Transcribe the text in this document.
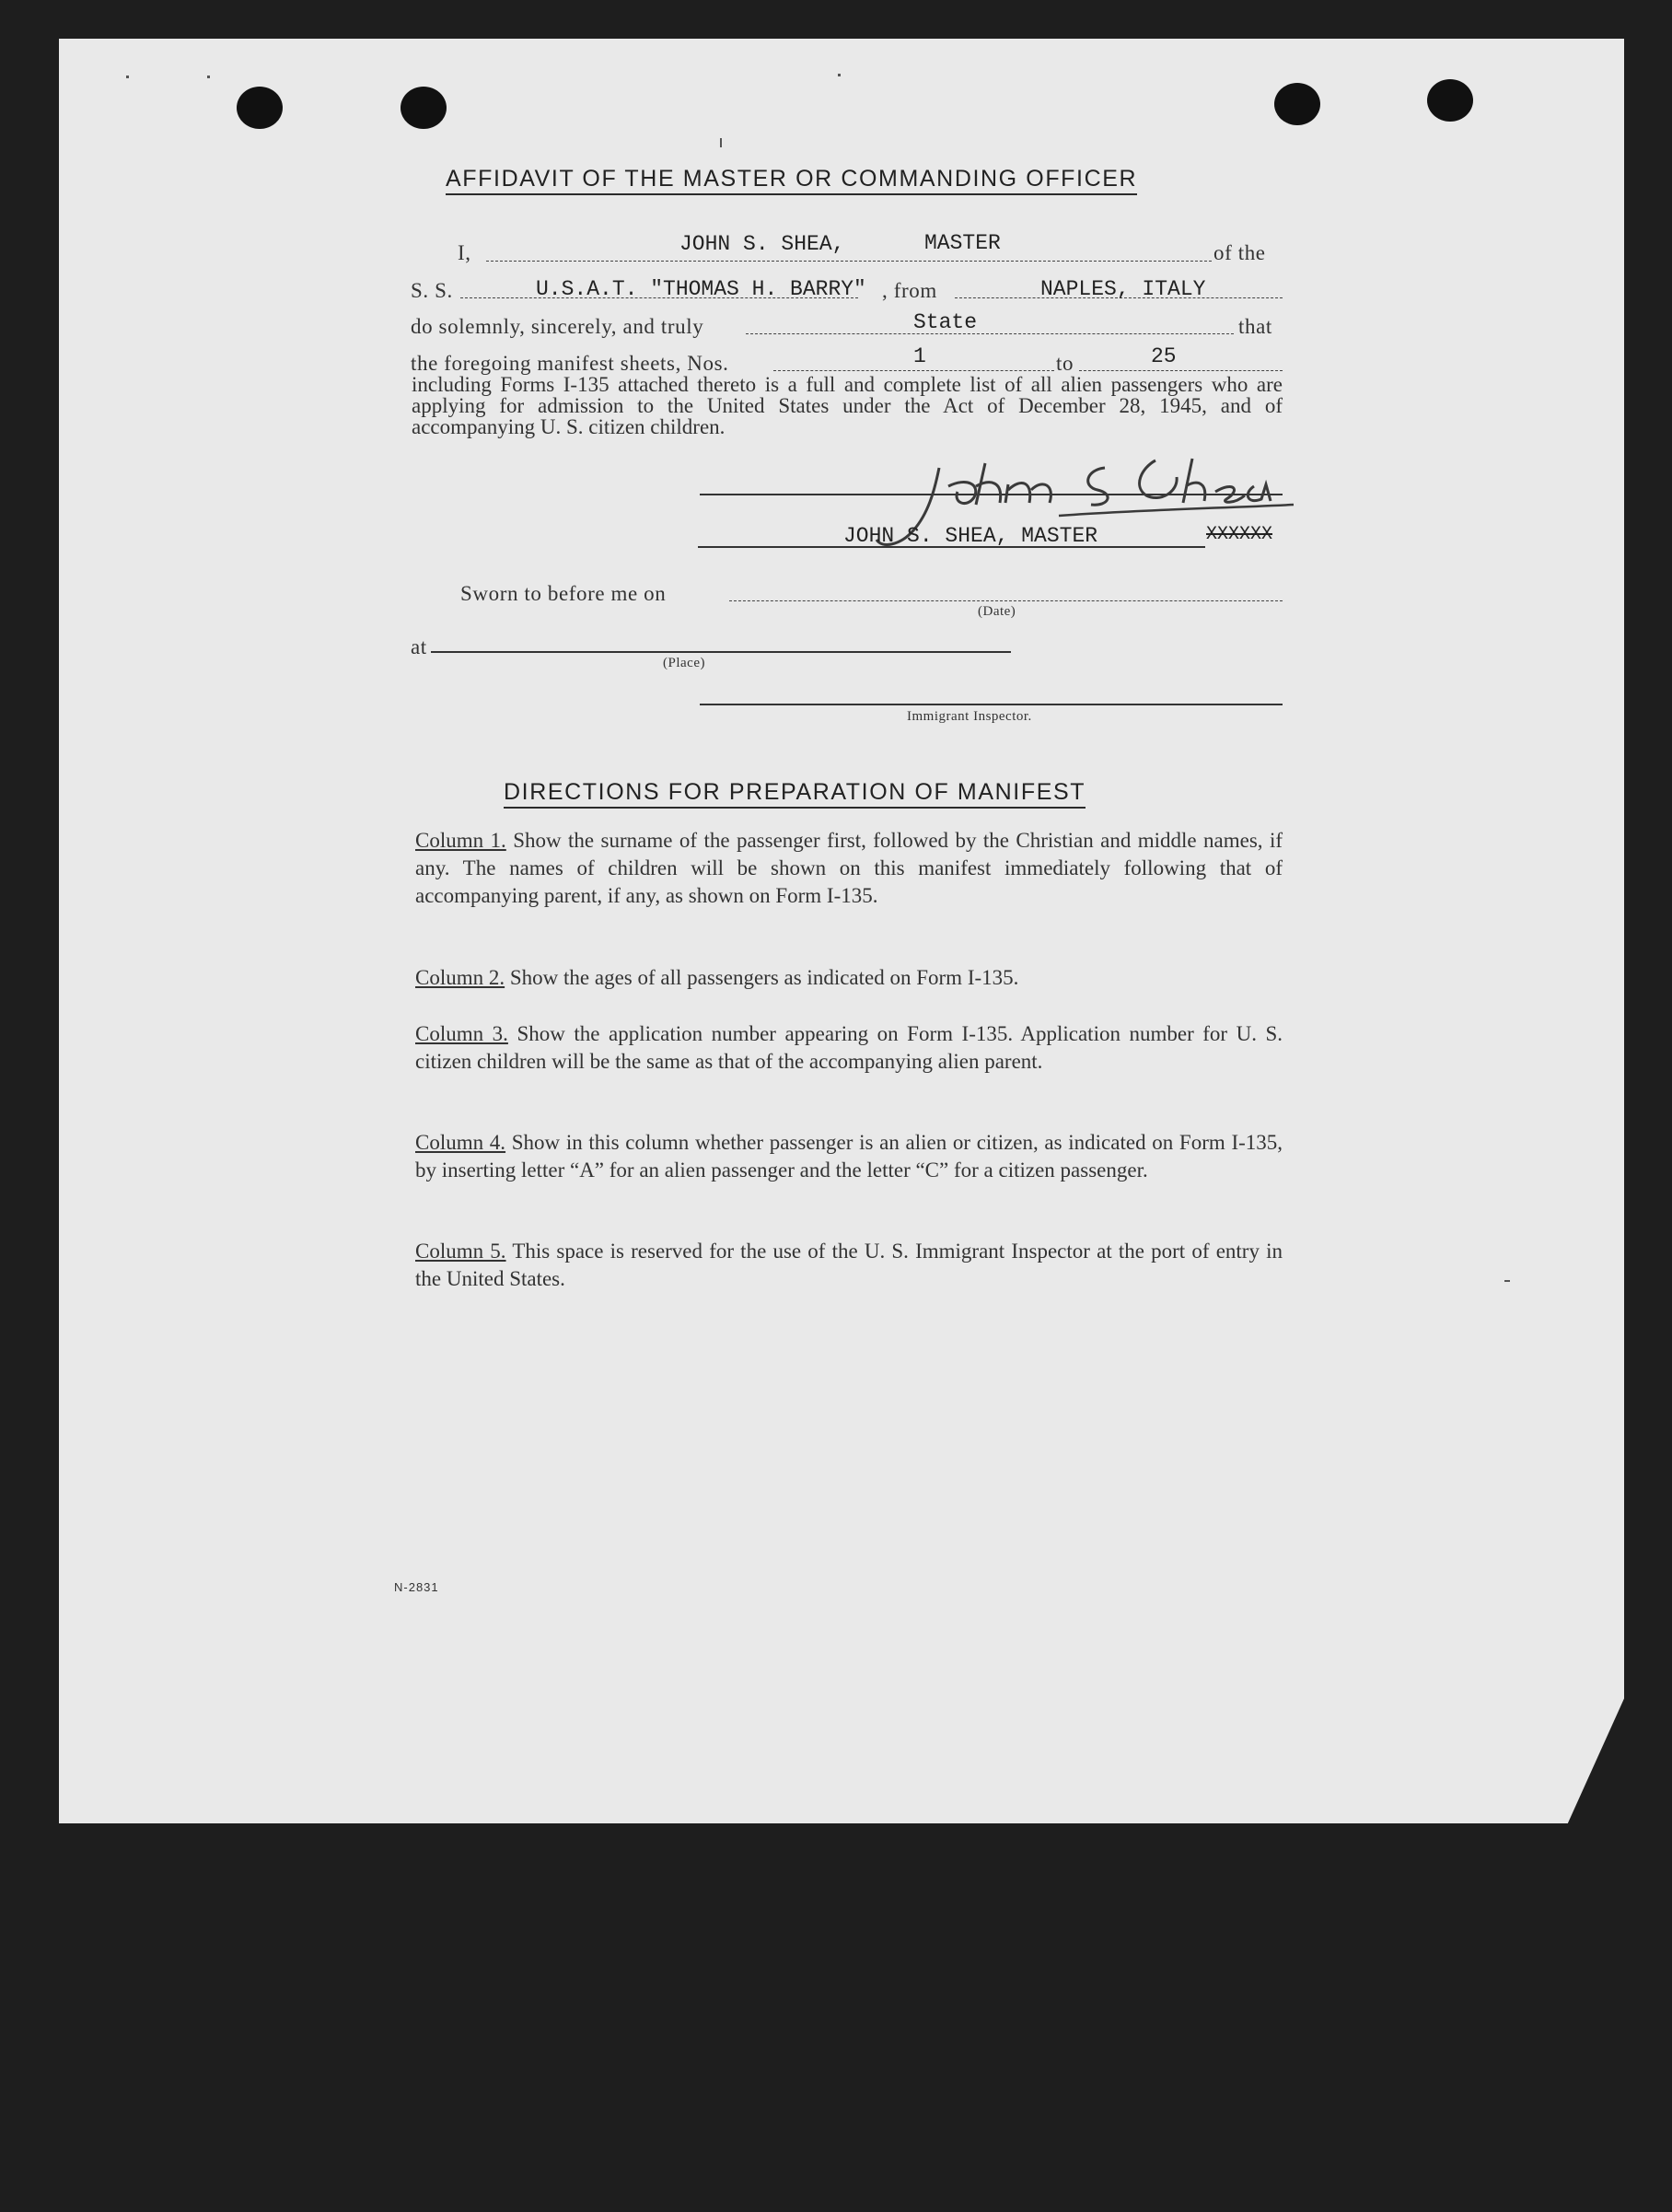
AFFIDAVIT OF THE MASTER OR COMMANDING OFFICER
I,	JOHN S. SHEA,	MASTER	of the
S. S.	U.S.A.T. "THOMAS H. BARRY" , from	NAPLES, ITALY
do solemnly, sincerely, and truly	State	that
the foregoing manifest sheets, Nos.	1	to	25
including Forms I-135 attached thereto is a full and complete list of all alien passengers who are applying for admission to the United States under the Act of December 28, 1945, and of accompanying U. S. citizen children.
JOHN S. SHEA, MASTER	XXXXXX
Sworn to before me on
(Date)
at
(Place)
Immigrant Inspector.
DIRECTIONS FOR PREPARATION OF MANIFEST
Column 1. Show the surname of the passenger first, followed by the Christian and middle names, if any. The names of children will be shown on this manifest immediately following that of accompanying parent, if any, as shown on Form I-135.
Column 2. Show the ages of all passengers as indicated on Form I-135.
Column 3. Show the application number appearing on Form I-135. Application number for U. S. citizen children will be the same as that of the accompanying alien parent.
Column 4. Show in this column whether passenger is an alien or citizen, as indicated on Form I-135, by inserting letter “A” for an alien passenger and the letter “C” for a citizen passenger.
Column 5. This space is reserved for the use of the U. S. Immigrant Inspector at the port of entry in the United States.
N-2831
